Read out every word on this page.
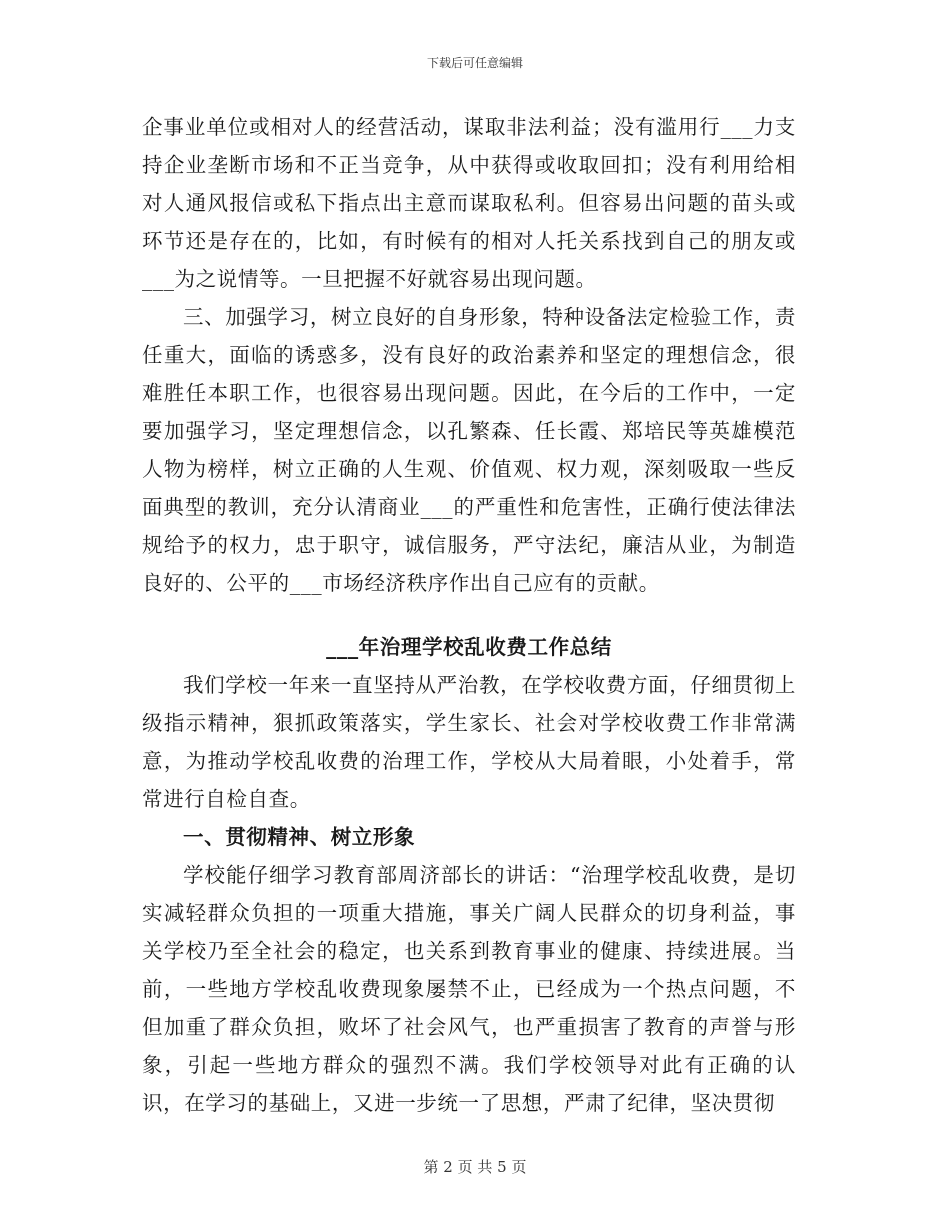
下载后可任意编辑

企事业单位或相对人的经营活动，谋取非法利益；没有滥用行___力支持企业垄断市场和不正当竞争，从中获得或收取回扣；没有利用给相对人通风报信或私下指点出主意而谋取私利。但容易出问题的苗头或环节还是存在的，比如，有时候有的相对人托关系找到自己的朋友或___为之说情等。一旦把握不好就容易出现问题。

三、加强学习，树立良好的自身形象，特种设备法定检验工作，责任重大，面临的诱惑多，没有良好的政治素养和坚定的理想信念，很难胜任本职工作，也很容易出现问题。因此，在今后的工作中，一定要加强学习，坚定理想信念，以孔繁森、任长霞、郑培民等英雄模范人物为榜样，树立正确的人生观、价值观、权力观，深刻吸取一些反面典型的教训，充分认清商业___的严重性和危害性，正确行使法律法规给予的权力，忠于职守，诚信服务，严守法纪，廉洁从业，为制造良好的、公平的___市场经济秩序作出自己应有的贡献。

___年治理学校乱收费工作总结

我们学校一年来一直坚持从严治教，在学校收费方面，仔细贯彻上级指示精神，狠抓政策落实，学生家长、社会对学校收费工作非常满意，为推动学校乱收费的治理工作，学校从大局着眼，小处着手，常常进行自检自查。

一、贯彻精神、树立形象

学校能仔细学习教育部周济部长的讲话：“治理学校乱收费，是切实减轻群众负担的一项重大措施，事关广阔人民群众的切身利益，事关学校乃至全社会的稳定，也关系到教育事业的健康、持续进展。当前，一些地方学校乱收费现象屡禁不止，已经成为一个热点问题，不但加重了群众负担，败坏了社会风气，也严重损害了教育的声誉与形象，引起一些地方群众的强烈不满。我们学校领导对此有正确的认识，在学习的基础上，又进一步统一了思想，严肃了纪律，坚决贯彻

第 2 页 共 5 页
